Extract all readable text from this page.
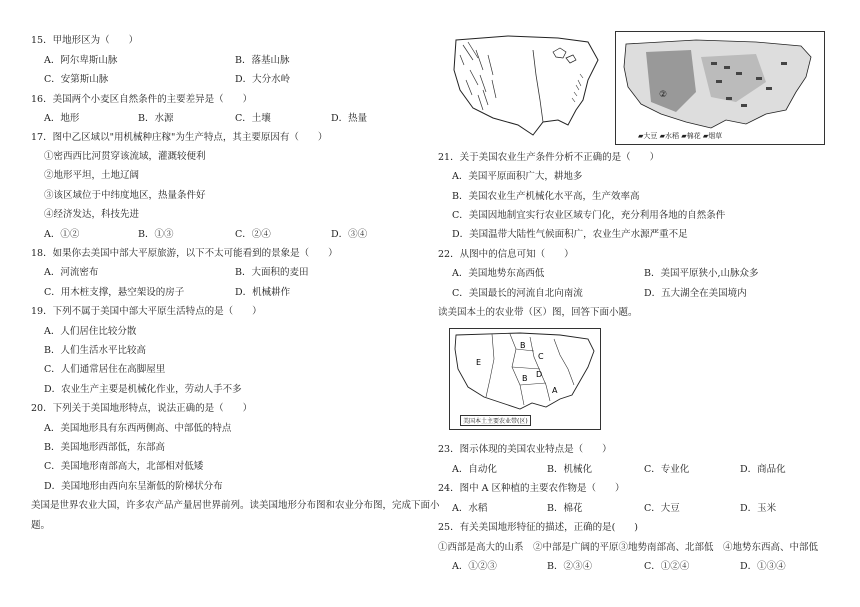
15．甲地形区为（　　）
A．阿尔卑斯山脉	B．落基山脉
C．安第斯山脉	D．大分水岭
16．美国两个小麦区自然条件的主要差异是（　　）
A．地形	B．水源	C．土壤	D．热量
17．图中乙区域以"用机械种庄稼"为生产特点，其主要原因有（　　）
①密西西比河贯穿该流域，灌溉较便利
②地形平坦，土地辽阔
③该区域位于中纬度地区，热量条件好
④经济发达，科技先进
A．①②	B．①③	C．②④	D．③④
18．如果你去美国中部大平原旅游，以下不太可能看到的景象是（　　）
A．河流密布	B．大面积的麦田
C．用木桩支撑，悬空架设的房子	D．机械耕作
19．下列不属于美国中部大平原生活特点的是（　　）
A．人们居住比较分散
B．人们生活水平比较高
C．人们通常居住在高脚屋里
D．农业生产主要是机械化作业，劳动人手不多
20．下列关于美国地形特点，说法正确的是（　　）
A．美国地形具有东西两侧高、中部低的特点
B．美国地形西部低，东部高
C．美国地形南部高大，北部相对低矮
D．美国地形由西向东呈渐低的阶梯状分布
美国是世界农业大国，许多农产品产量居世界前列。读美国地形分布图和农业分布图，完成下面小
题。
②
▰大豆 ▰水稻 ▰棉花 ▰烟草
21．关于美国农业生产条件分析不正确的是（　　）
A．美国平原面积广大，耕地多
B．美国农业生产机械化水平高，生产效率高
C．美国因地制宜实行农业区域专门化，充分利用各地的自然条件
D．美国温带大陆性气候面积广，农业生产水源严重不足
22．从图中的信息可知（　　）
A．美国地势东高西低	B．美国平原狭小,山脉众多
C．美国最长的河流自北向南流	D．五大湖全在美国境内
读美国本土的农业带（区）图，回答下面小题。
E
B
C
D
B
A
美国本土主要农业带(区)
23．图示体现的美国农业特点是（　　）
A．自动化	B．机械化	C．专业化	D．商品化
24．图中 A 区种植的主要农作物是（　　）
A．水稻	B．棉花	C．大豆	D．玉米
25．有关美国地形特征的描述，正确的是(　　)
①西部是高大的山系　②中部是广阔的平原③地势南部高、北部低　④地势东西高、中部低
A．①②③	B．②③④	C．①②④	D．①③④
